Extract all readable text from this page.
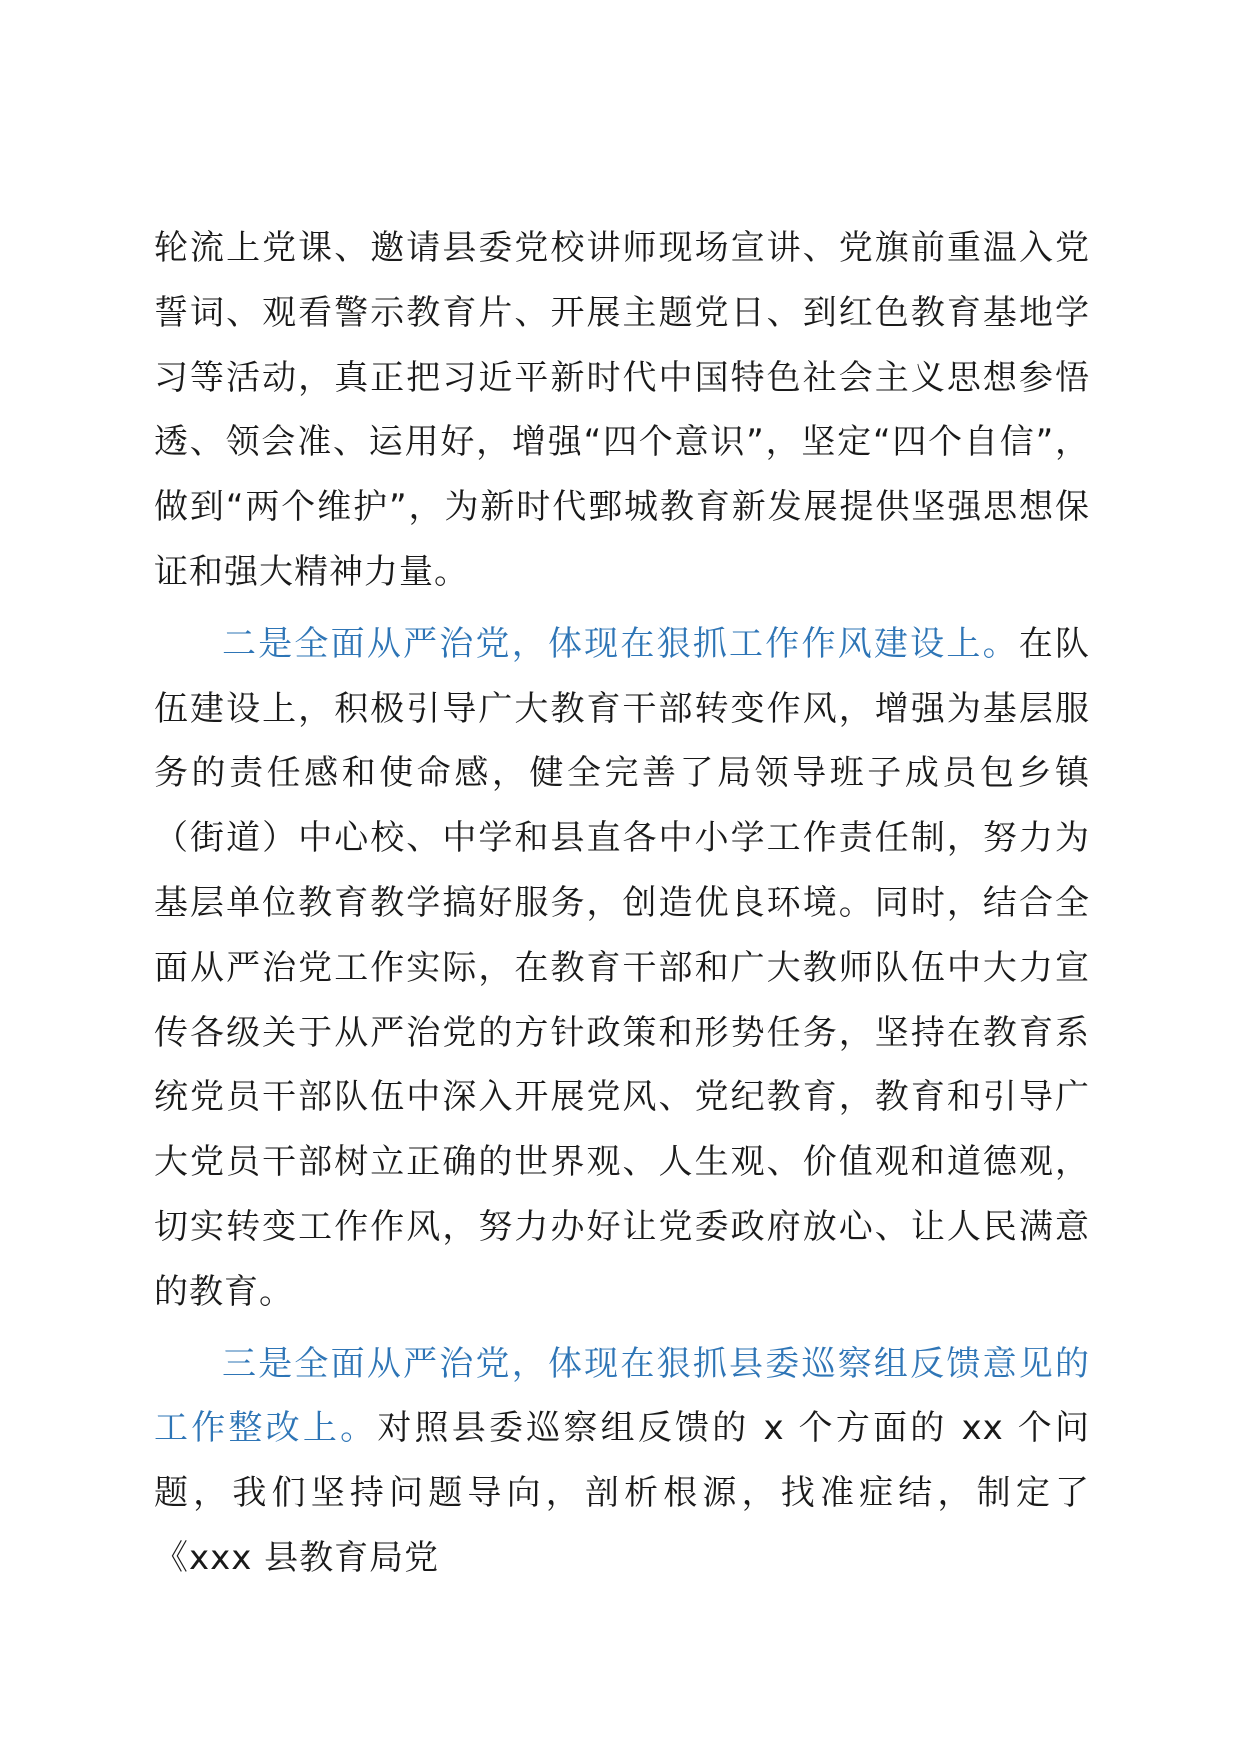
轮流上党课、邀请县委党校讲师现场宣讲、党旗前重温入党誓词、观看警示教育片、开展主题党日、到红色教育基地学习等活动，真正把习近平新时代中国特色社会主义思想参悟透、领会准、运用好，增强“四个意识”，坚定“四个自信”，做到“两个维护”，为新时代鄄城教育新发展提供坚强思想保证和强大精神力量。

二是全面从严治党，体现在狠抓工作作风建设上。在队伍建设上，积极引导广大教育干部转变作风，增强为基层服务的责任感和使命感，健全完善了局领导班子成员包乡镇（街道）中心校、中学和县直各中小学工作责任制，努力为基层单位教育教学搞好服务，创造优良环境。同时，结合全面从严治党工作实际，在教育干部和广大教师队伍中大力宣传各级关于从严治党的方针政策和形势任务，坚持在教育系统党员干部队伍中深入开展党风、党纪教育，教育和引导广大党员干部树立正确的世界观、人生观、价值观和道德观，切实转变工作作风，努力办好让党委政府放心、让人民满意的教育。

三是全面从严治党，体现在狠抓县委巡察组反馈意见的工作整改上。对照县委巡察组反馈的 x 个方面的 xx 个问题，我们坚持问题导向，剖析根源，找准症结，制定了《xxx 县教育局党
